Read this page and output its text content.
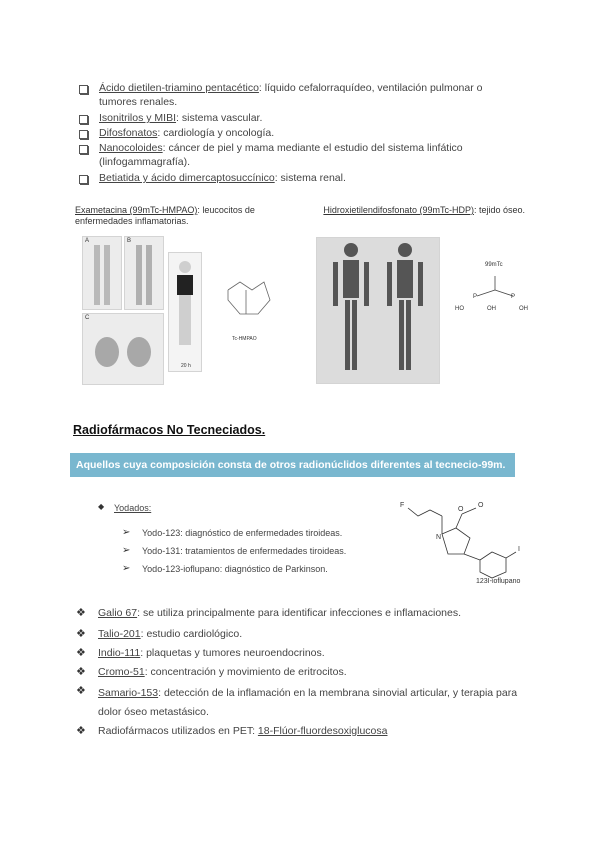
Ácido dietilen-triamino pentacético: líquido cefalorraquídeo, ventilación pulmonar o
tumores renales.
Isonitrilos y MIBI: sistema vascular.
Difosfonatos: cardiología y oncología.
Nanocoloides: cáncer de piel y mama mediante el estudio del sistema linfático
(linfogammagrafía).
Betiatida y ácido dimercaptosuccínico: sistema renal.
Exametacina (99mTc-HMPAO): leucocitos de	Hidroxietilendifosfonato (99mTc-HDP): tejido óseo.
enfermedades inflamatorias.
A	B
C
20 h
Tc-HMPAO
99mTc
P	P
HO	OH	OH
Radiofármacos No Tecneciados.
Aquellos cuya composición consta de otros radionúclidos diferentes al tecnecio-99m.
◆ Yodados:
➢ Yodo-123: diagnóstico de enfermedades tiroideas.
➢ Yodo-131: tratamientos de enfermedades tiroideas.
➢ Yodo-123-ioflupano: diagnóstico de Parkinson.
F
N
O
O
I
123I-ioflupano
❖ Galio 67: se utiliza principalmente para identificar infecciones e inflamaciones.
❖ Talio-201: estudio cardiológico.
❖ Indio-111: plaquetas y tumores neuroendocrinos.
❖ Cromo-51: concentración y movimiento de eritrocitos.
❖ Samario-153: detección de la inflamación en la membrana sinovial articular, y terapia para
dolor óseo metastásico.
❖ Radiofármacos utilizados en PET: 18-Flúor-fluordesoxiglucosa
